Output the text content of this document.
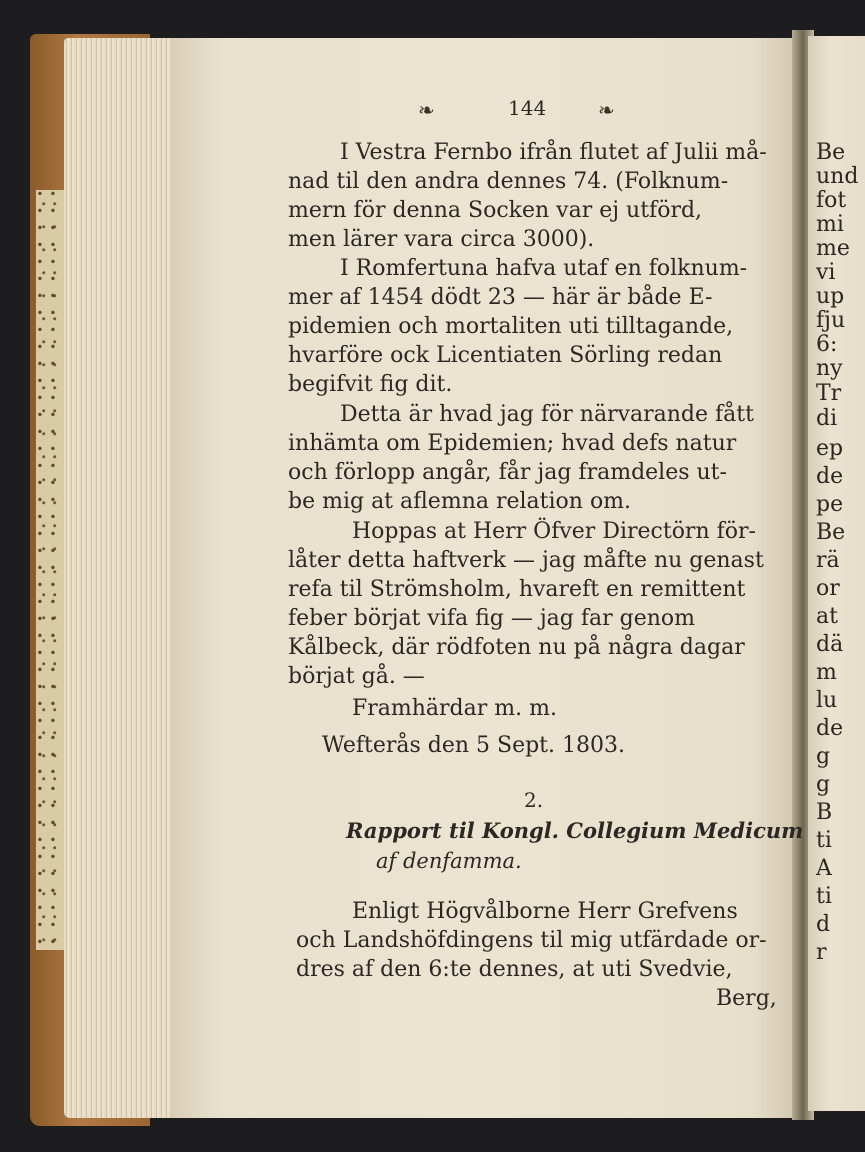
Be
und
fot
mi
me
vi
up
fju
6:
ny
Tr
di
ep
de
pe
Be
rä
or
at
dä
m
lu
de
g
g
B
ti
A
ti
d
r
❧	144	❧
I Vestra Fernbo ifrån flutet af Julii må-
nad til den andra dennes 74. (Folknum-
mern för denna Socken var ej utförd,
men lärer vara circa 3000).
I Romfertuna hafva utaf en folknum-
mer af 1454 dödt 23 — här är både E-
pidemien och mortaliten uti tilltagande,
hvarföre ock Licentiaten Sörling redan
begifvit fig dit.
Detta är hvad jag för närvarande fått
inhämta om Epidemien; hvad defs natur
och förlopp angår, får jag framdeles ut-
be mig at aflemna relation om.
Hoppas at Herr Öfver Directörn för-
låter detta haftverk — jag måfte nu genast
refa til Strömsholm, hvareft en remittent
feber börjat vifa fig — jag far genom
Kålbeck, där rödfoten nu på några dagar
börjat gå. —
Framhärdar m. m.
Wefterås den 5 Sept. 1803.
2.
Rapport til Kongl. Collegium Medicum
af denfamma.
Enligt Högvålborne Herr Grefvens
och Landshöfdingens til mig utfärdade or-
dres af den 6:te dennes, at uti Svedvie,
Berg,
